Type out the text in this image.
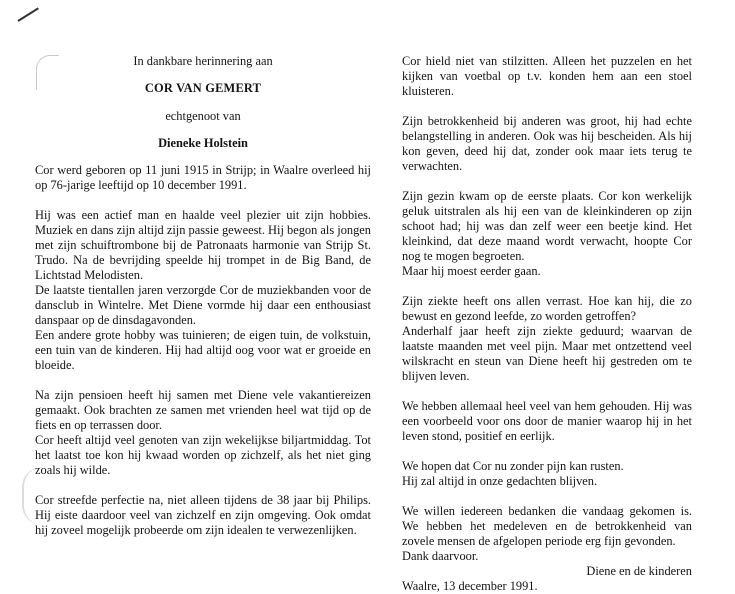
In dankbare herinnering aan
COR VAN GEMERT
echtgenoot van
Dieneke Holstein

Cor werd geboren op 11 juni 1915 in Strijp; in Waalre overleed hij op 76-jarige leeftijd op 10 december 1991.

Hij was een actief man en haalde veel plezier uit zijn hobbies. Muziek en dans zijn altijd zijn passie geweest. Hij begon als jongen met zijn schuiftrombone bij de Patronaats harmonie van Strijp St. Trudo. Na de bevrijding speelde hij trompet in de Big Band, de Lichtstad Melodisten.

De laatste tientallen jaren verzorgde Cor de muziekbanden voor de dansclub in Wintelre. Met Diene vormde hij daar een enthousiast danspaar op de dinsdagavonden.

Een andere grote hobby was tuinieren; de eigen tuin, de volkstuin, een tuin van de kinderen. Hij had altijd oog voor wat er groeide en bloeide.

Na zijn pensioen heeft hij samen met Diene vele vakantiereizen gemaakt. Ook brachten ze samen met vrienden heel wat tijd op de fiets en op terrassen door.

Cor heeft altijd veel genoten van zijn wekelijkse biljartmiddag. Tot het laatst toe kon hij kwaad worden op zichzelf, als het niet ging zoals hij wilde.

Cor streefde perfectie na, niet alleen tijdens de 38 jaar bij Philips. Hij eiste daardoor veel van zichzelf en zijn omgeving. Ook omdat hij zoveel mogelijk probeerde om zijn idealen te verwezenlijken.

Cor hield niet van stilzitten. Alleen het puzzelen en het kijken van voetbal op t.v. konden hem aan een stoel kluisteren.

Zijn betrokkenheid bij anderen was groot, hij had echte belangstelling in anderen. Ook was hij bescheiden. Als hij kon geven, deed hij dat, zonder ook maar iets terug te verwachten.

Zijn gezin kwam op de eerste plaats. Cor kon werkelijk geluk uitstralen als hij een van de kleinkinderen op zijn schoot had; hij was dan zelf weer een beetje kind. Het kleinkind, dat deze maand wordt verwacht, hoopte Cor nog te mogen begroeten.

Maar hij moest eerder gaan.

Zijn ziekte heeft ons allen verrast. Hoe kan hij, die zo bewust en gezond leefde, zo worden getroffen?

Anderhalf jaar heeft zijn ziekte geduurd; waarvan de laatste maanden met veel pijn. Maar met ontzettend veel wilskracht en steun van Diene heeft hij gestreden om te blijven leven.

We hebben allemaal heel veel van hem gehouden. Hij was een voorbeeld voor ons door de manier waarop hij in het leven stond, positief en eerlijk.

We hopen dat Cor nu zonder pijn kan rusten.

Hij zal altijd in onze gedachten blijven.

We willen iedereen bedanken die vandaag gekomen is. We hebben het medeleven en de betrokkenheid van zovele mensen de afgelopen periode erg fijn gevonden.

Dank daarvoor.

Diene en de kinderen

Waalre, 13 december 1991.
